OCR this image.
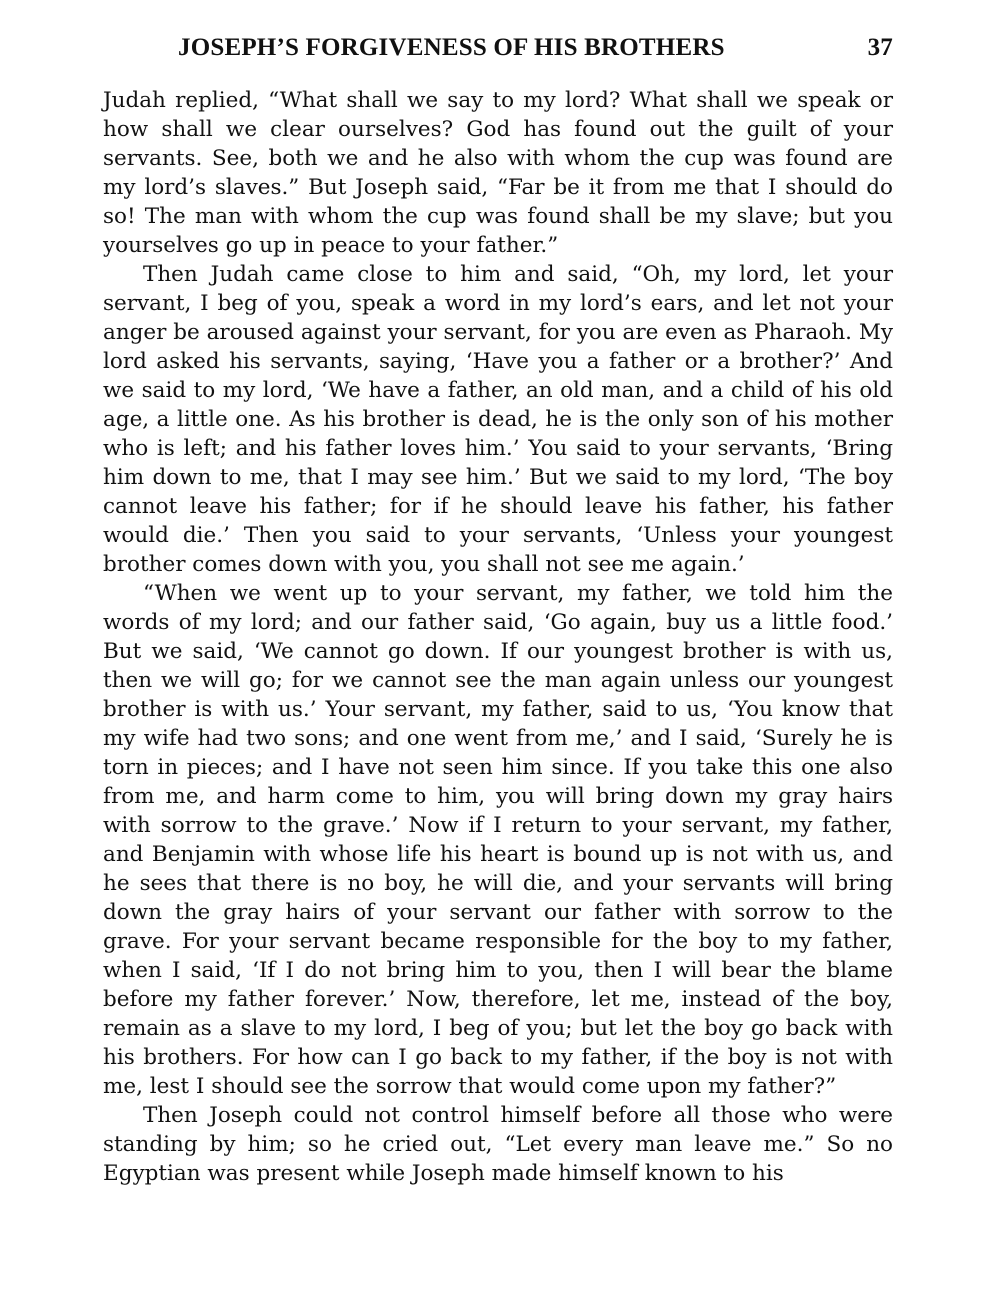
JOSEPH’S FORGIVENESS OF HIS BROTHERS	37

Judah replied, “What shall we say to my lord? What shall we speak or how shall we clear ourselves? God has found out the guilt of your servants. See, both we and he also with whom the cup was found are my lord’s slaves.” But Joseph said, “Far be it from me that I should do so! The man with whom the cup was found shall be my slave; but you yourselves go up in peace to your father.”

Then Judah came close to him and said, “Oh, my lord, let your servant, I beg of you, speak a word in my lord’s ears, and let not your anger be aroused against your servant, for you are even as Pharaoh. My lord asked his servants, saying, ‘Have you a father or a brother?’ And we said to my lord, ‘We have a father, an old man, and a child of his old age, a little one. As his brother is dead, he is the only son of his mother who is left; and his father loves him.’ You said to your servants, ‘Bring him down to me, that I may see him.’ But we said to my lord, ‘The boy cannot leave his father; for if he should leave his father, his father would die.’ Then you said to your servants, ‘Unless your youngest brother comes down with you, you shall not see me again.’

“When we went up to your servant, my father, we told him the words of my lord; and our father said, ‘Go again, buy us a little food.’ But we said, ‘We cannot go down. If our youngest brother is with us, then we will go; for we cannot see the man again unless our youngest brother is with us.’ Your servant, my father, said to us, ‘You know that my wife had two sons; and one went from me,’ and I said, ‘Surely he is torn in pieces; and I have not seen him since. If you take this one also from me, and harm come to him, you will bring down my gray hairs with sorrow to the grave.’ Now if I return to your servant, my father, and Benjamin with whose life his heart is bound up is not with us, and he sees that there is no boy, he will die, and your servants will bring down the gray hairs of your servant our father with sorrow to the grave. For your servant became responsible for the boy to my father, when I said, ‘If I do not bring him to you, then I will bear the blame before my father forever.’ Now, therefore, let me, instead of the boy, remain as a slave to my lord, I beg of you; but let the boy go back with his brothers. For how can I go back to my father, if the boy is not with me, lest I should see the sorrow that would come upon my father?”

Then Joseph could not control himself before all those who were standing by him; so he cried out, “Let every man leave me.” So no Egyptian was present while Joseph made himself known to his
